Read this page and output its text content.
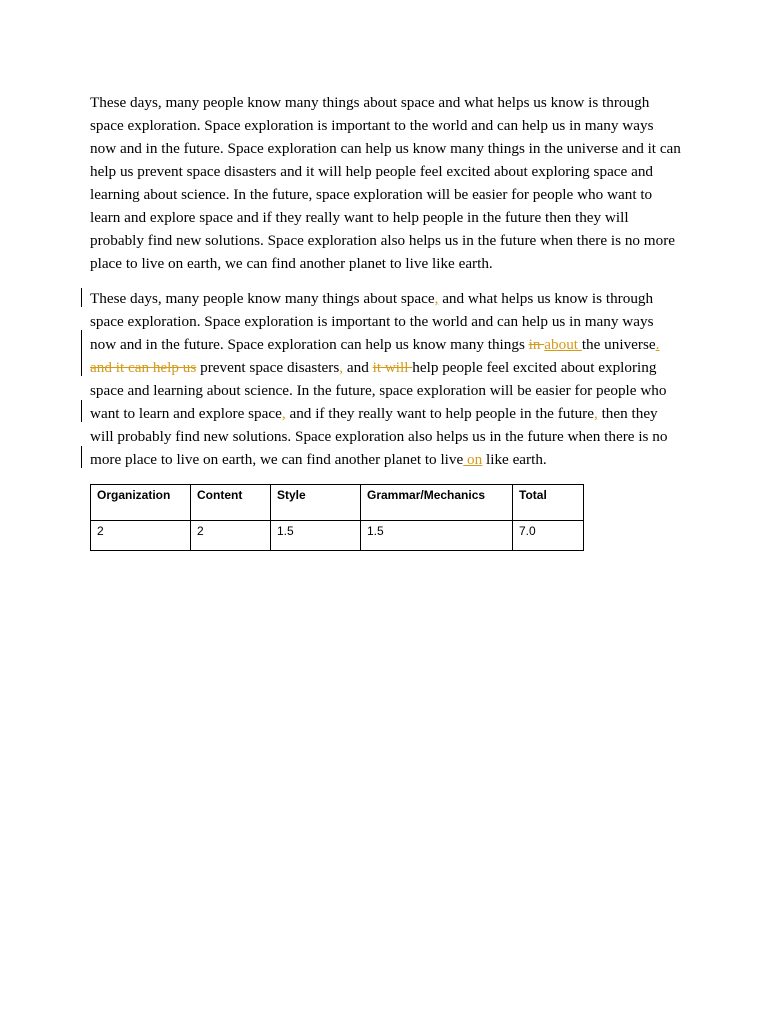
These days, many people know many things about space and what helps us know is through
space exploration. Space exploration is important to the world and can help us in many ways
now and in the future. Space exploration can help us know many things in the universe and it can
help us prevent space disasters and it will help people feel excited about exploring space and
learning about science. In the future, space exploration will be easier for people who want to
learn and explore space and if they really want to help people in the future then they will
probably find new solutions. Space exploration also helps us in the future when there is no more
place to live on earth, we can find another planet to live like earth.
These days, many people know many things about space, and what helps us know is through
space exploration. Space exploration is important to the world and can help us in many ways
now and in the future. Space exploration can help us know many things in about the universe.
and it can help us prevent space disasters, and it will help people feel excited about exploring
space and learning about science. In the future, space exploration will be easier for people who
want to learn and explore space, and if they really want to help people in the future, then they
will probably find new solutions. Space exploration also helps us in the future when there is no
more place to live on earth, we can find another planet to live on like earth.
Organization	Content	Style	Grammar/Mechanics	Total
2	2	1.5	1.5	7.0
